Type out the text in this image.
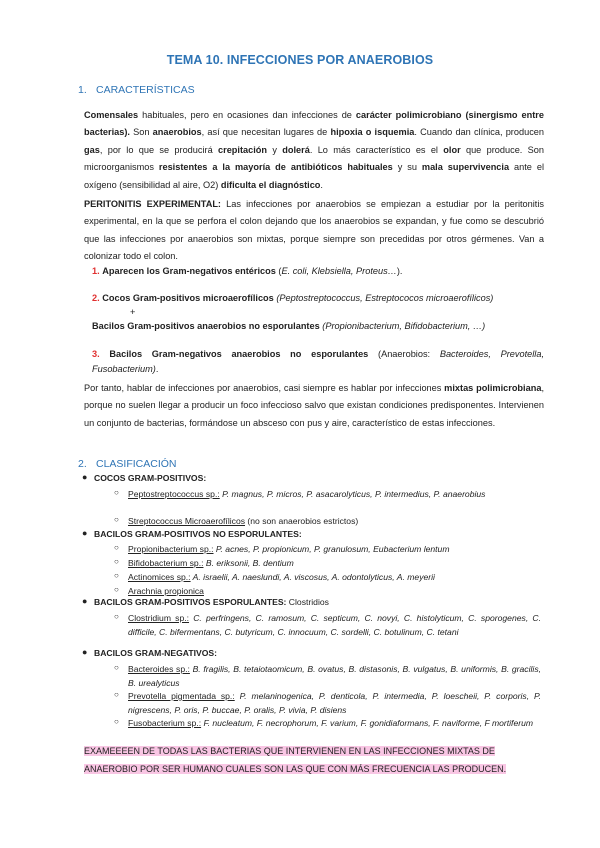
TEMA 10. INFECCIONES POR ANAEROBIOS
1. CARACTERÍSTICAS
Comensales habituales, pero en ocasiones dan infecciones de carácter polimicrobiano (sinergismo entre bacterias). Son anaerobios, así que necesitan lugares de hipoxia o isquemia. Cuando dan clínica, producen gas, por lo que se producirá crepitación y dolerá. Lo más característico es el olor que produce. Son microorganismos resistentes a la mayoría de antibióticos habituales y su mala supervivencia ante el oxígeno (sensibilidad al aire, O2) dificulta el diagnóstico.
PERITONITIS EXPERIMENTAL: Las infecciones por anaerobios se empiezan a estudiar por la peritonitis experimental, en la que se perfora el colon dejando que los anaerobios se expandan, y fue como se descubrió que las infecciones por anaerobios son mixtas, porque siempre son precedidas por otros gérmenes. Van a colonizar todo el colon.
1. Aparecen los Gram-negativos entéricos (E. coli, Klebsiella, Proteus…).
2. Cocos Gram-positivos microaerofílicos (Peptostreptococcus, Estreptococos microaerofílicos)
+
Bacilos Gram-positivos anaerobios no esporulantes (Propionibacterium, Bifidobacterium, …)
3. Bacilos Gram-negativos anaerobios no esporulantes (Anaerobios: Bacteroides, Prevotella, Fusobacterium).
Por tanto, hablar de infecciones por anaerobios, casi siempre es hablar por infecciones mixtas polimicrobiana, porque no suelen llegar a producir un foco infeccioso salvo que existan condiciones predisponentes. Intervienen un conjunto de bacterias, formándose un absceso con pus y aire, característico de estas infecciones.
2. CLASIFICACIÓN
● COCOS GRAM-POSITIVOS:
○ Peptostreptococcus sp.: P. magnus, P. micros, P. asacarolyticus, P. intermedius, P. anaerobius
○ Streptococcus Microaerofílicos (no son anaerobios estrictos)
● BACILOS GRAM-POSITIVOS NO ESPORULANTES:
○ Propionibacterium sp.: P. acnes, P. propionicum, P. granulosum, Eubacterium lentum
○ Bifidobacterium sp.: B. eriksonii, B. dentium
○ Actinomices sp.: A. israelii, A. naeslundi, A. viscosus, A. odontolyticus, A. meyerii
○ Arachnia propionica
● BACILOS GRAM-POSITIVOS ESPORULANTES: Clostridios
○ Clostridium sp.: C. perfringens, C. ramosum, C. septicum, C. novyi, C. histolyticum, C. sporogenes, C. difficile, C. bifermentans, C. butyricum, C. innocuum, C. sordelli, C. botulinum, C. tetani
● BACILOS GRAM-NEGATIVOS:
○ Bacteroides sp.: B. fragilis, B. tetaiotaomicum, B. ovatus, B. distasonis, B. vulgatus, B. uniformis, B. gracilis, B. urealyticus
○ Prevotella pigmentada sp.: P. melaninogenica, P. denticola, P. intermedia, P. loescheii, P. corporis, P. nigrescens, P. oris, P. buccae, P. oralis, P. vivia, P. disiens
○ Fusobacterium sp.: F. nucleatum, F. necrophorum, F. varium, F. gonidiaformans, F. naviforme, F mortiferum
EXAMEEEEN DE TODAS LAS BACTERIAS QUE INTERVIENEN EN LAS INFECCIONES MIXTAS DE ANAEROBIO POR SER HUMANO CUALES SON LAS QUE CON MÁS FRECUENCIA LAS PRODUCEN.
